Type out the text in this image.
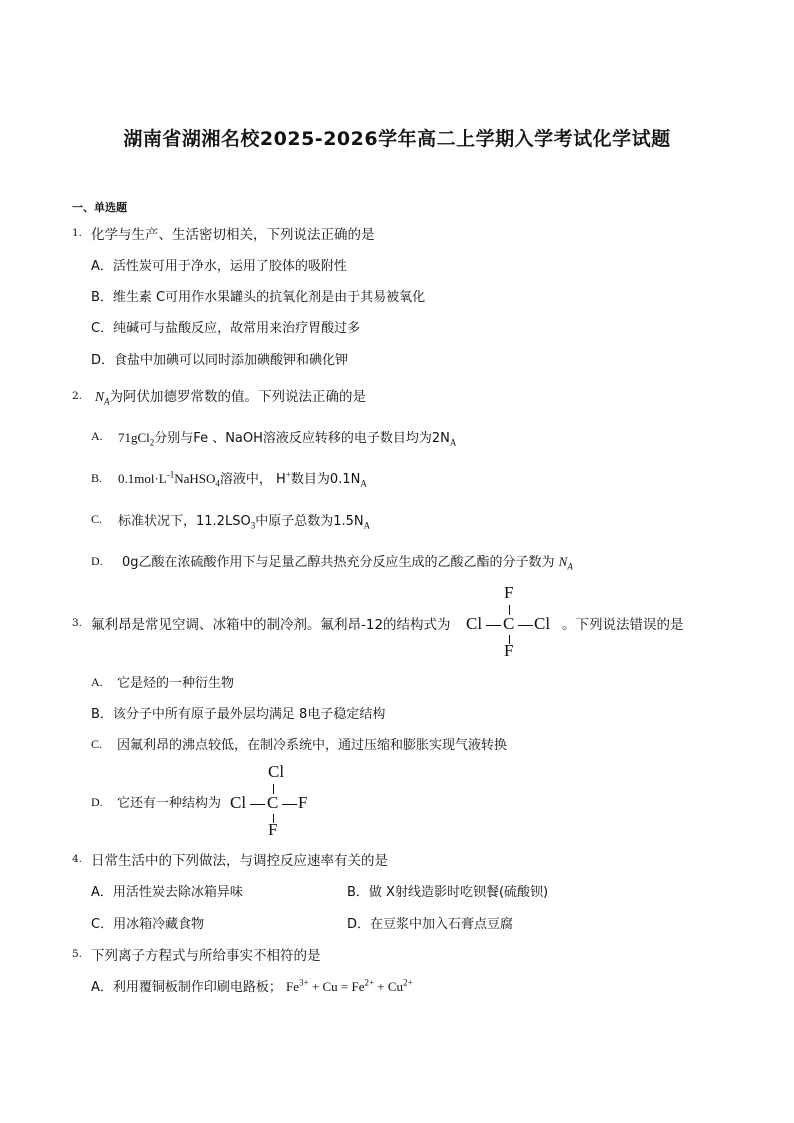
湖南省湖湘名校2025-2026学年高二上学期入学考试化学试题
一、单选题
1. 化学与生产、生活密切相关，下列说法正确的是
A．活性炭可用于净水，运用了胶体的吸附性
B．维生素 C可用作水果罐头的抗氧化剂是由于其易被氧化
C．纯碱可与盐酸反应，故常用来治疗胃酸过多
D．食盐中加碘可以同时添加碘酸钾和碘化钾
2. $N_A$为阿伏加德罗常数的值。下列说法正确的是
A. 71gCl$_2$分别与Fe 、NaOH溶液反应转移的电子数目均为$2N_A$
B. $0.1mol\cdot L^{-1}NaHSO_4$溶液中， H+数目为$0.1N_A$
C. 标准状况下，$11.2LSO_3$中原子总数为$1.5N_A$
D. 0g乙酸在浓硫酸作用下与足量乙醇共热充分反应生成的乙酸乙酯的分子数为 $N_A$
3. 氟利昂是常见空调、冰箱中的制冷剂。氟利昂-12的结构式为
F
Cl C Cl
F
。下列说法错误的是
A. 它是烃的一种衍生物
B．该分子中所有原子最外层均满足 8电子稳定结构
C. 因氟利昂的沸点较低，在制冷系统中，通过压缩和膨胀实现气液转换
D. 它还有一种结构为
Cl
Cl C F
F
4. 日常生活中的下列做法，与调控反应速率有关的是
A．用活性炭去除冰箱异味	B．做 X射线造影时吃钡餐(硫酸钡)
C．用冰箱冷藏食物	D．在豆浆中加入石膏点豆腐
5. 下列离子方程式与所给事实不相符的是
A．利用覆铜板制作印刷电路板； $Fe^{3+} + Cu = Fe^{2+} + Cu^{2+}$
